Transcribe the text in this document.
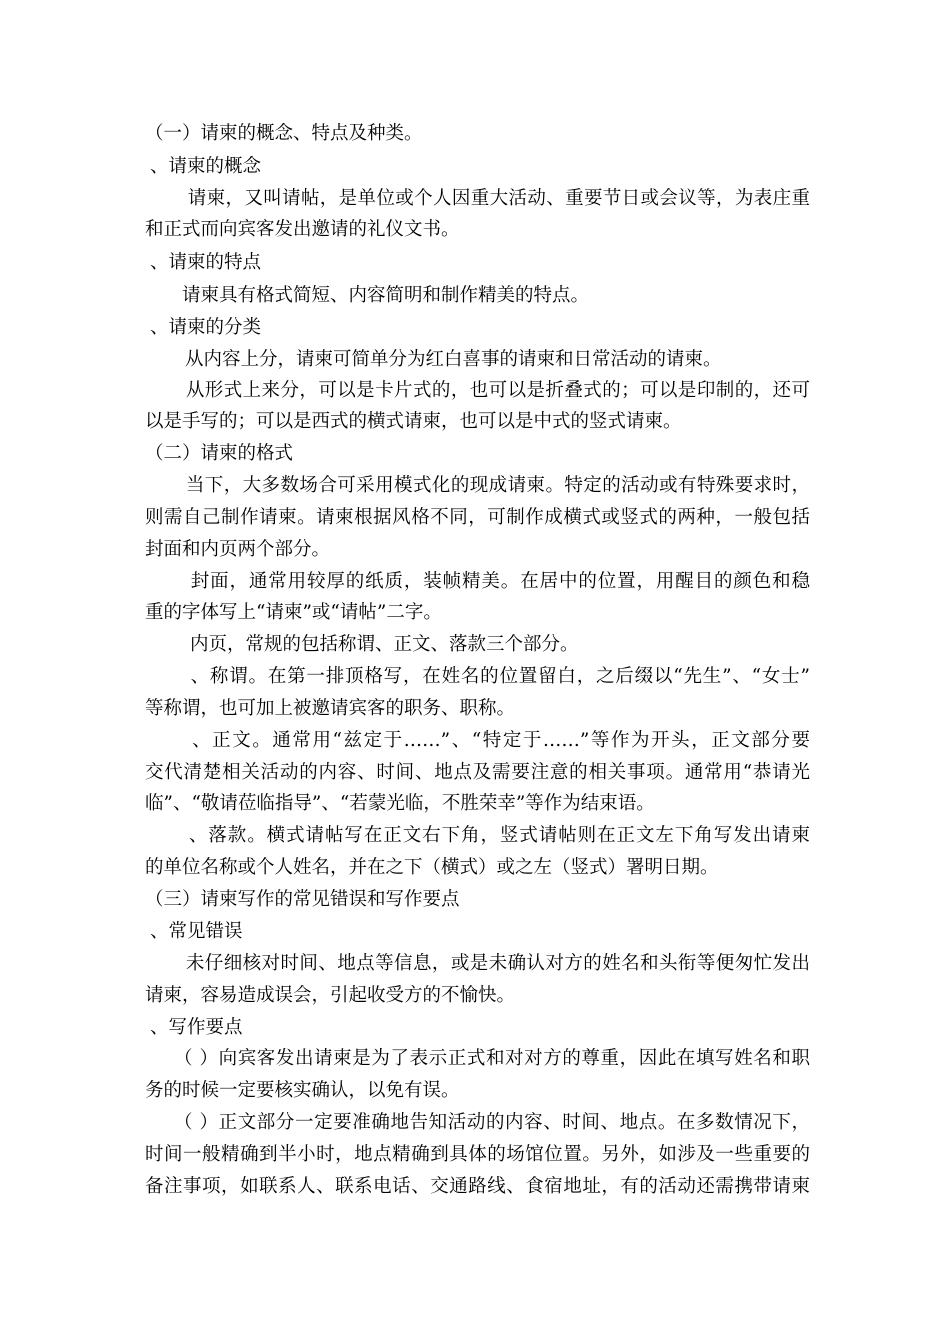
（一）请柬的概念、特点及种类。
、请柬的概念
　　请柬，又叫请帖，是单位或个人因重大活动、重要节日或会议等，为表庄重
和正式而向宾客发出邀请的礼仪文书。
、请柬的特点
　　请柬具有格式简短、内容简明和制作精美的特点。
、请柬的分类
　　从内容上分，请柬可简单分为红白喜事的请柬和日常活动的请柬。
　　从形式上来分，可以是卡片式的，也可以是折叠式的；可以是印制的，还可
以是手写的；可以是西式的横式请柬，也可以是中式的竖式请柬。
（二）请柬的格式
　　当下，大多数场合可采用模式化的现成请柬。特定的活动或有特殊要求时，
则需自己制作请柬。请柬根据风格不同，可制作成横式或竖式的两种，一般包括
封面和内页两个部分。
　　封面，通常用较厚的纸质，装帧精美。在居中的位置，用醒目的颜色和稳
重的字体写上“请柬”或“请帖”二字。
　　内页，常规的包括称谓、正文、落款三个部分。
　　、称谓。在第一排顶格写，在姓名的位置留白，之后缀以“先生”、“女士”
等称谓，也可加上被邀请宾客的职务、职称。
　　、正文。通常用“兹定于……”、“特定于……”等作为开头，正文部分要
交代清楚相关活动的内容、时间、地点及需要注意的相关事项。通常用“恭请光
临”、“敬请莅临指导”、“若蒙光临，不胜荣幸”等作为结束语。
　　、落款。横式请帖写在正文右下角，竖式请帖则在正文左下角写发出请柬
的单位名称或个人姓名，并在之下（横式）或之左（竖式）署明日期。
（三）请柬写作的常见错误和写作要点
、常见错误
　　未仔细核对时间、地点等信息，或是未确认对方的姓名和头衔等便匆忙发出
请柬，容易造成误会，引起收受方的不愉快。
、写作要点
　　（ ）向宾客发出请柬是为了表示正式和对对方的尊重，因此在填写姓名和职
务的时候一定要核实确认，以免有误。
　　（ ）正文部分一定要准确地告知活动的内容、时间、地点。在多数情况下，
时间一般精确到半小时，地点精确到具体的场馆位置。另外，如涉及一些重要的
备注事项，如联系人、联系电话、交通路线、食宿地址，有的活动还需携带请柬
